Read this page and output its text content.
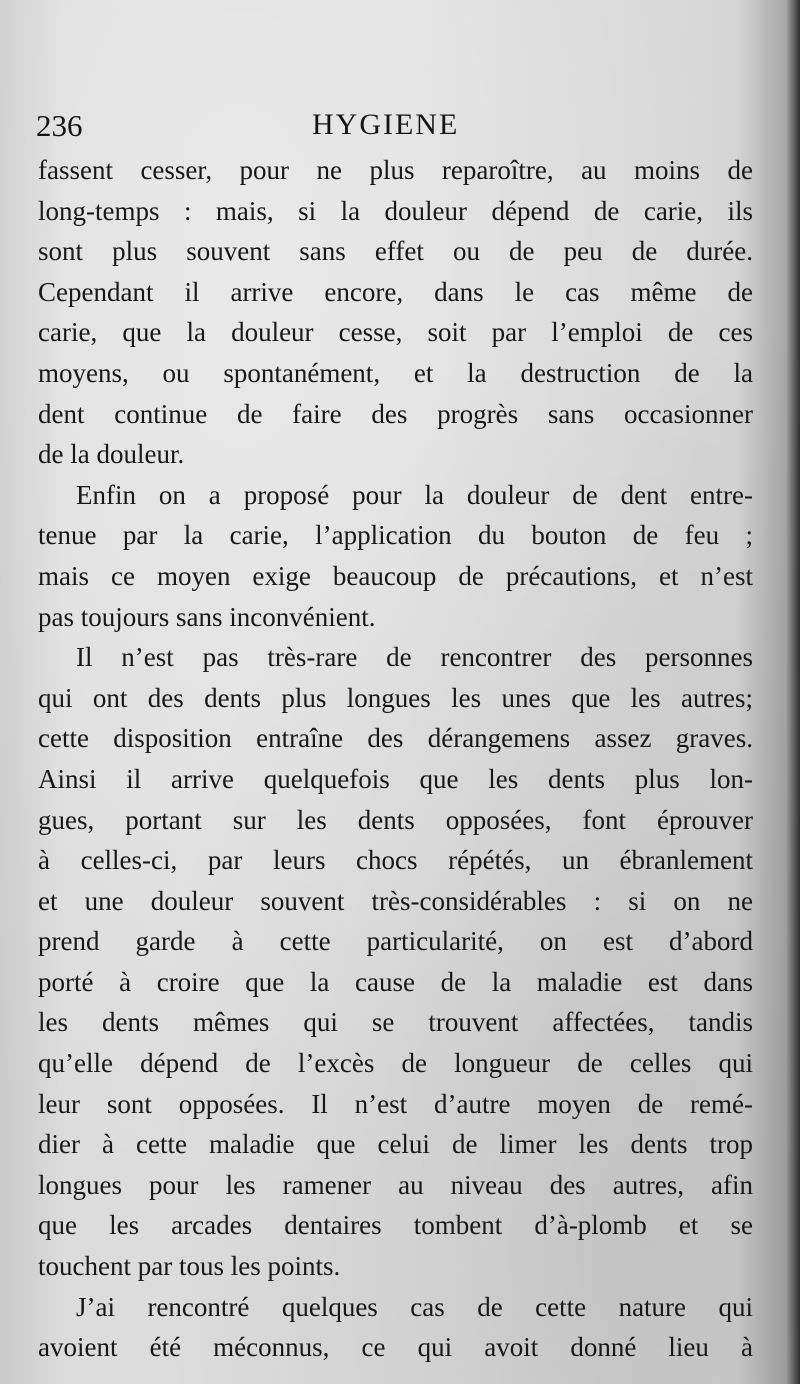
236	HYGIENE
fassent cesser, pour ne plus reparoître, au moins de
long-temps : mais, si la douleur dépend de carie, ils
sont plus souvent sans effet ou de peu de durée.
Cependant il arrive encore, dans le cas même de
carie, que la douleur cesse, soit par l’emploi de ces
moyens, ou spontanément, et la destruction de la
dent continue de faire des progrès sans occasionner
de la douleur.
Enfin on a proposé pour la douleur de dent entre-
tenue par la carie, l’application du bouton de feu ;
mais ce moyen exige beaucoup de précautions, et n’est
pas toujours sans inconvénient.
Il n’est pas très-rare de rencontrer des personnes
qui ont des dents plus longues les unes que les autres;
cette disposition entraîne des dérangemens assez graves.
Ainsi il arrive quelquefois que les dents plus lon-
gues, portant sur les dents opposées, font éprouver
à celles-ci, par leurs chocs répétés, un ébranlement
et une douleur souvent très-considérables : si on ne
prend garde à cette particularité, on est d’abord
porté à croire que la cause de la maladie est dans
les dents mêmes qui se trouvent affectées, tandis
qu’elle dépend de l’excès de longueur de celles qui
leur sont opposées. Il n’est d’autre moyen de remé-
dier à cette maladie que celui de limer les dents trop
longues pour les ramener au niveau des autres, afin
que les arcades dentaires tombent d’à-plomb et se
touchent par tous les points.
J’ai rencontré quelques cas de cette nature qui
avoient été méconnus, ce qui avoit donné lieu à
